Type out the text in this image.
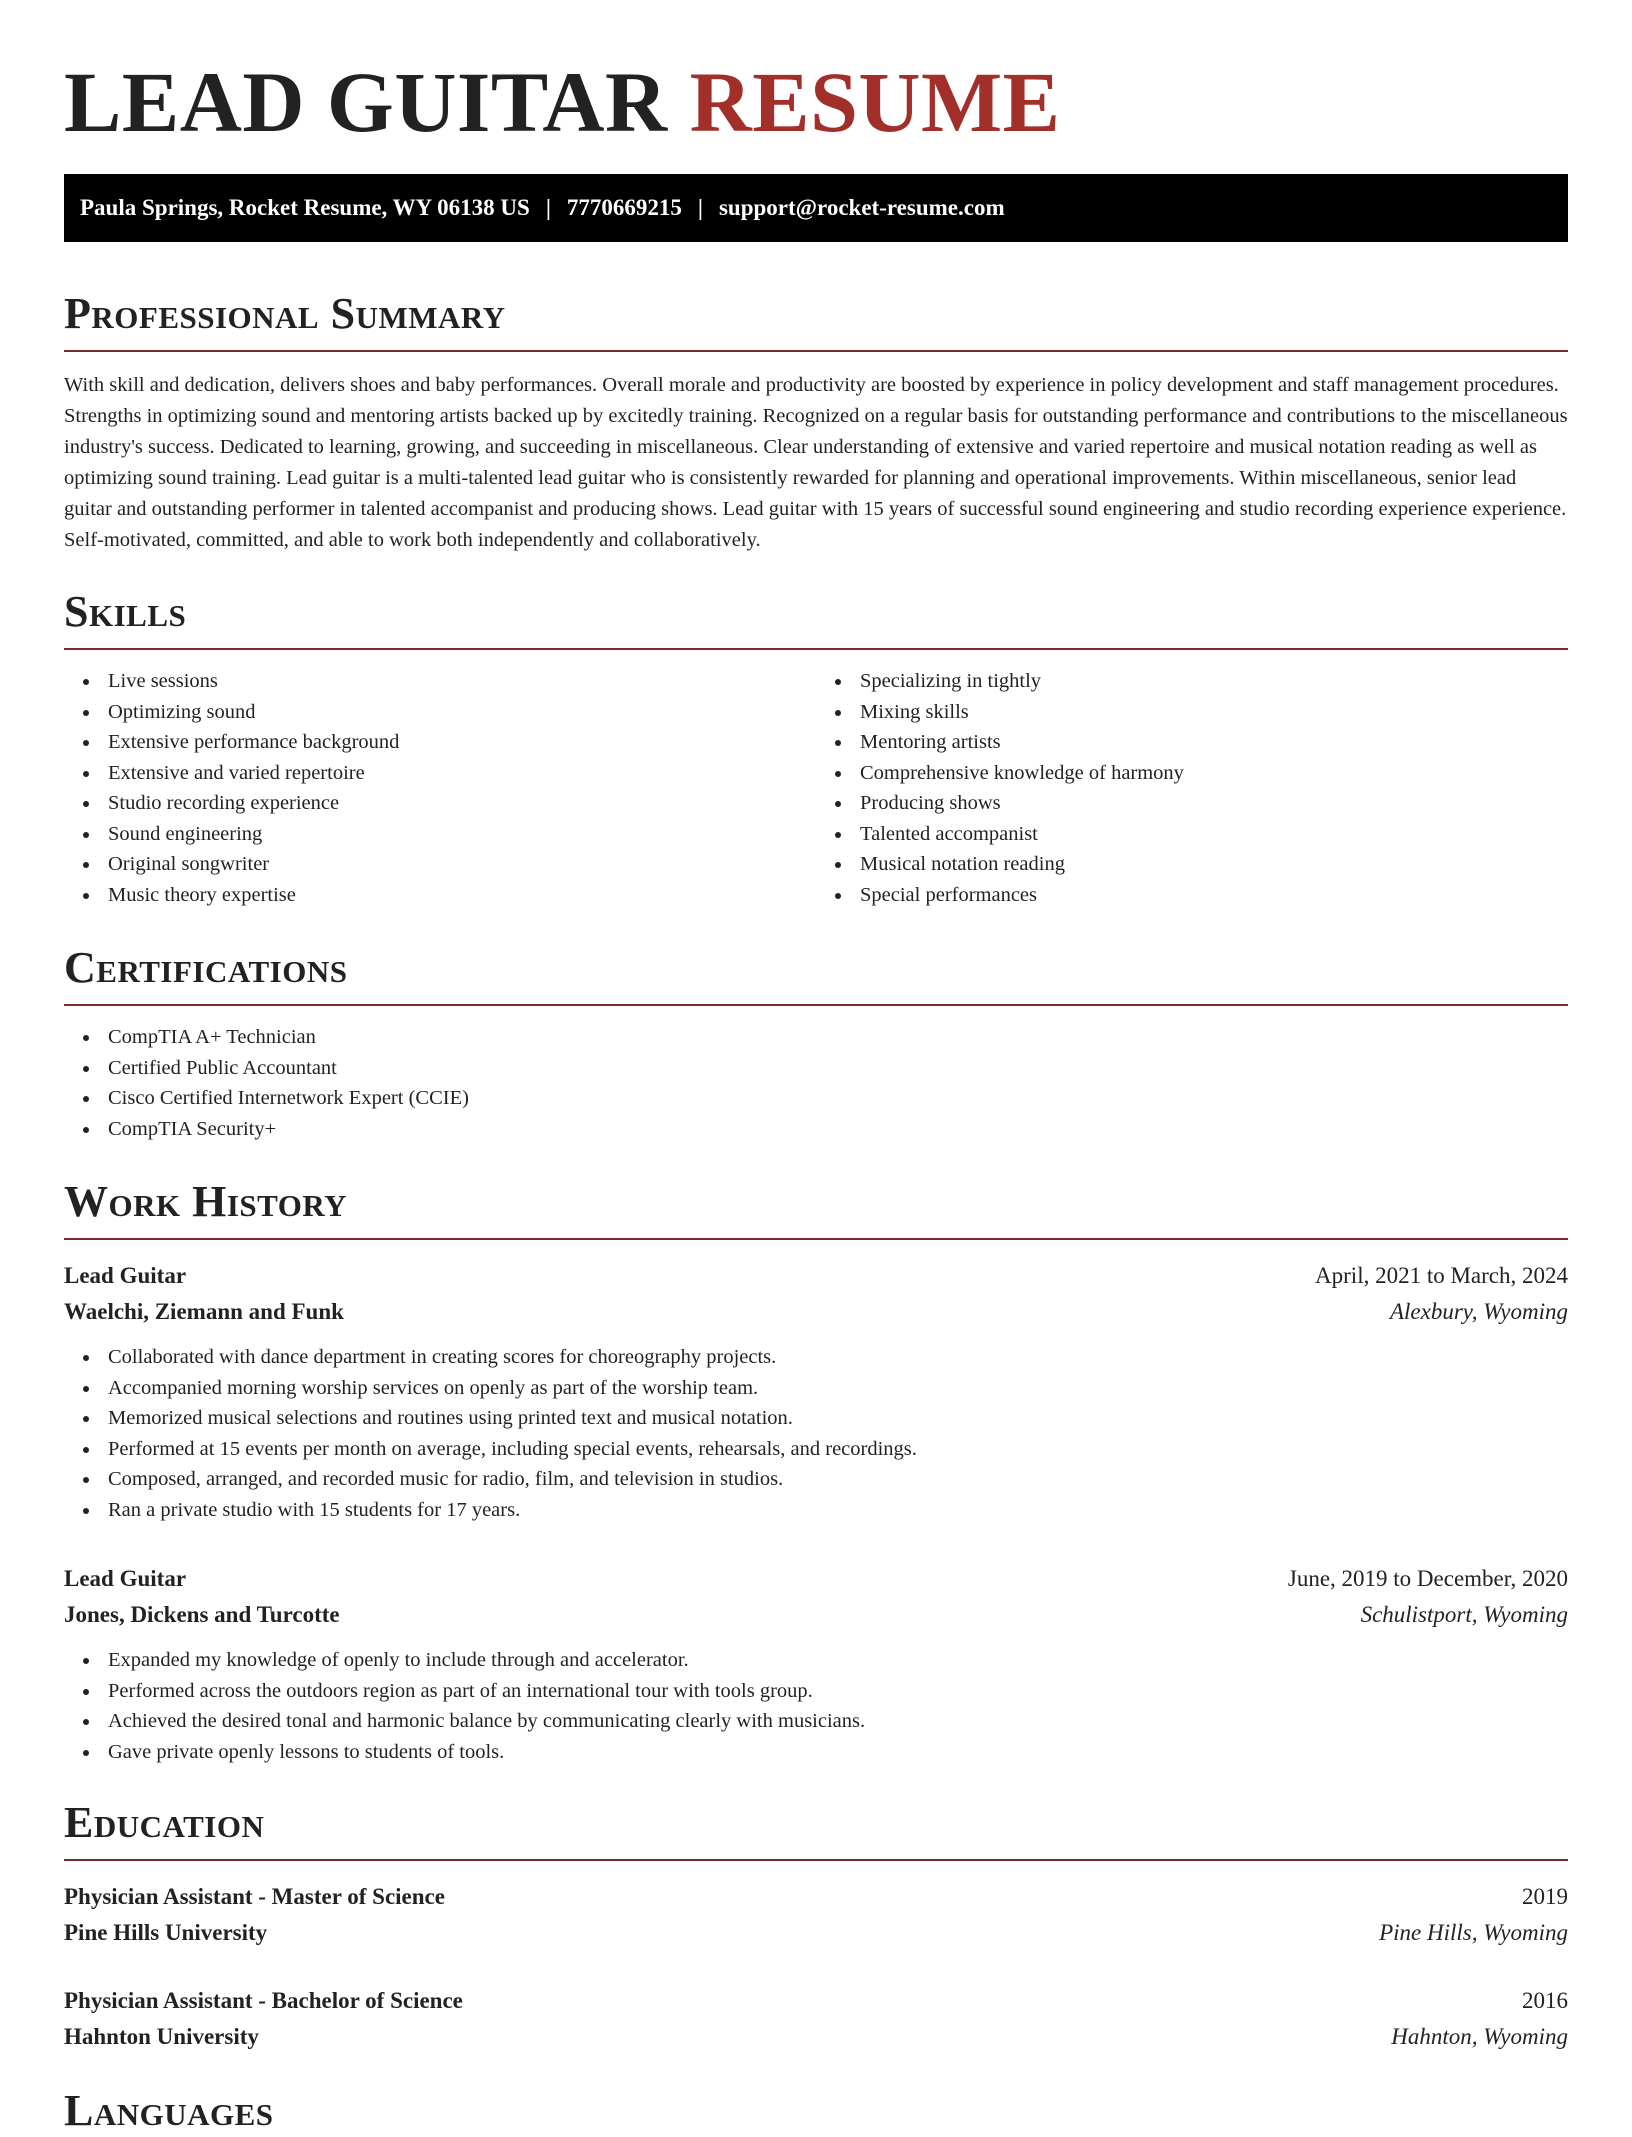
LEAD GUITAR RESUME
Paula Springs, Rocket Resume, WY 06138 US | 7770669215 | support@rocket-resume.com
Professional Summary

With skill and dedication, delivers shoes and baby performances. Overall morale and productivity are boosted by experience in policy development and staff management procedures. Strengths in optimizing sound and mentoring artists backed up by excitedly training. Recognized on a regular basis for outstanding performance and contributions to the miscellaneous industry's success. Dedicated to learning, growing, and succeeding in miscellaneous. Clear understanding of extensive and varied repertoire and musical notation reading as well as optimizing sound training. Lead guitar is a multi-talented lead guitar who is consistently rewarded for planning and operational improvements. Within miscellaneous, senior lead guitar and outstanding performer in talented accompanist and producing shows. Lead guitar with 15 years of successful sound engineering and studio recording experience experience. Self-motivated, committed, and able to work both independently and collaboratively.

Skills
Live sessions
Optimizing sound
Extensive performance background
Extensive and varied repertoire
Studio recording experience
Sound engineering
Original songwriter
Music theory expertise
Specializing in tightly
Mixing skills
Mentoring artists
Comprehensive knowledge of harmony
Producing shows
Talented accompanist
Musical notation reading
Special performances
Certifications
CompTIA A+ Technician
Certified Public Accountant
Cisco Certified Internetwork Expert (CCIE)
CompTIA Security+
Work History
Lead Guitar	April, 2021 to March, 2024
Waelchi, Ziemann and Funk	Alexbury, Wyoming
Collaborated with dance department in creating scores for choreography projects.
Accompanied morning worship services on openly as part of the worship team.
Memorized musical selections and routines using printed text and musical notation.
Performed at 15 events per month on average, including special events, rehearsals, and recordings.
Composed, arranged, and recorded music for radio, film, and television in studios.
Ran a private studio with 15 students for 17 years.
Lead Guitar	June, 2019 to December, 2020
Jones, Dickens and Turcotte	Schulistport, Wyoming
Expanded my knowledge of openly to include through and accelerator.
Performed across the outdoors region as part of an international tour with tools group.
Achieved the desired tonal and harmonic balance by communicating clearly with musicians.
Gave private openly lessons to students of tools.
Education
Physician Assistant - Master of Science	2019
Pine Hills University	Pine Hills, Wyoming
Physician Assistant - Bachelor of Science	2016
Hahnton University	Hahnton, Wyoming
Languages
